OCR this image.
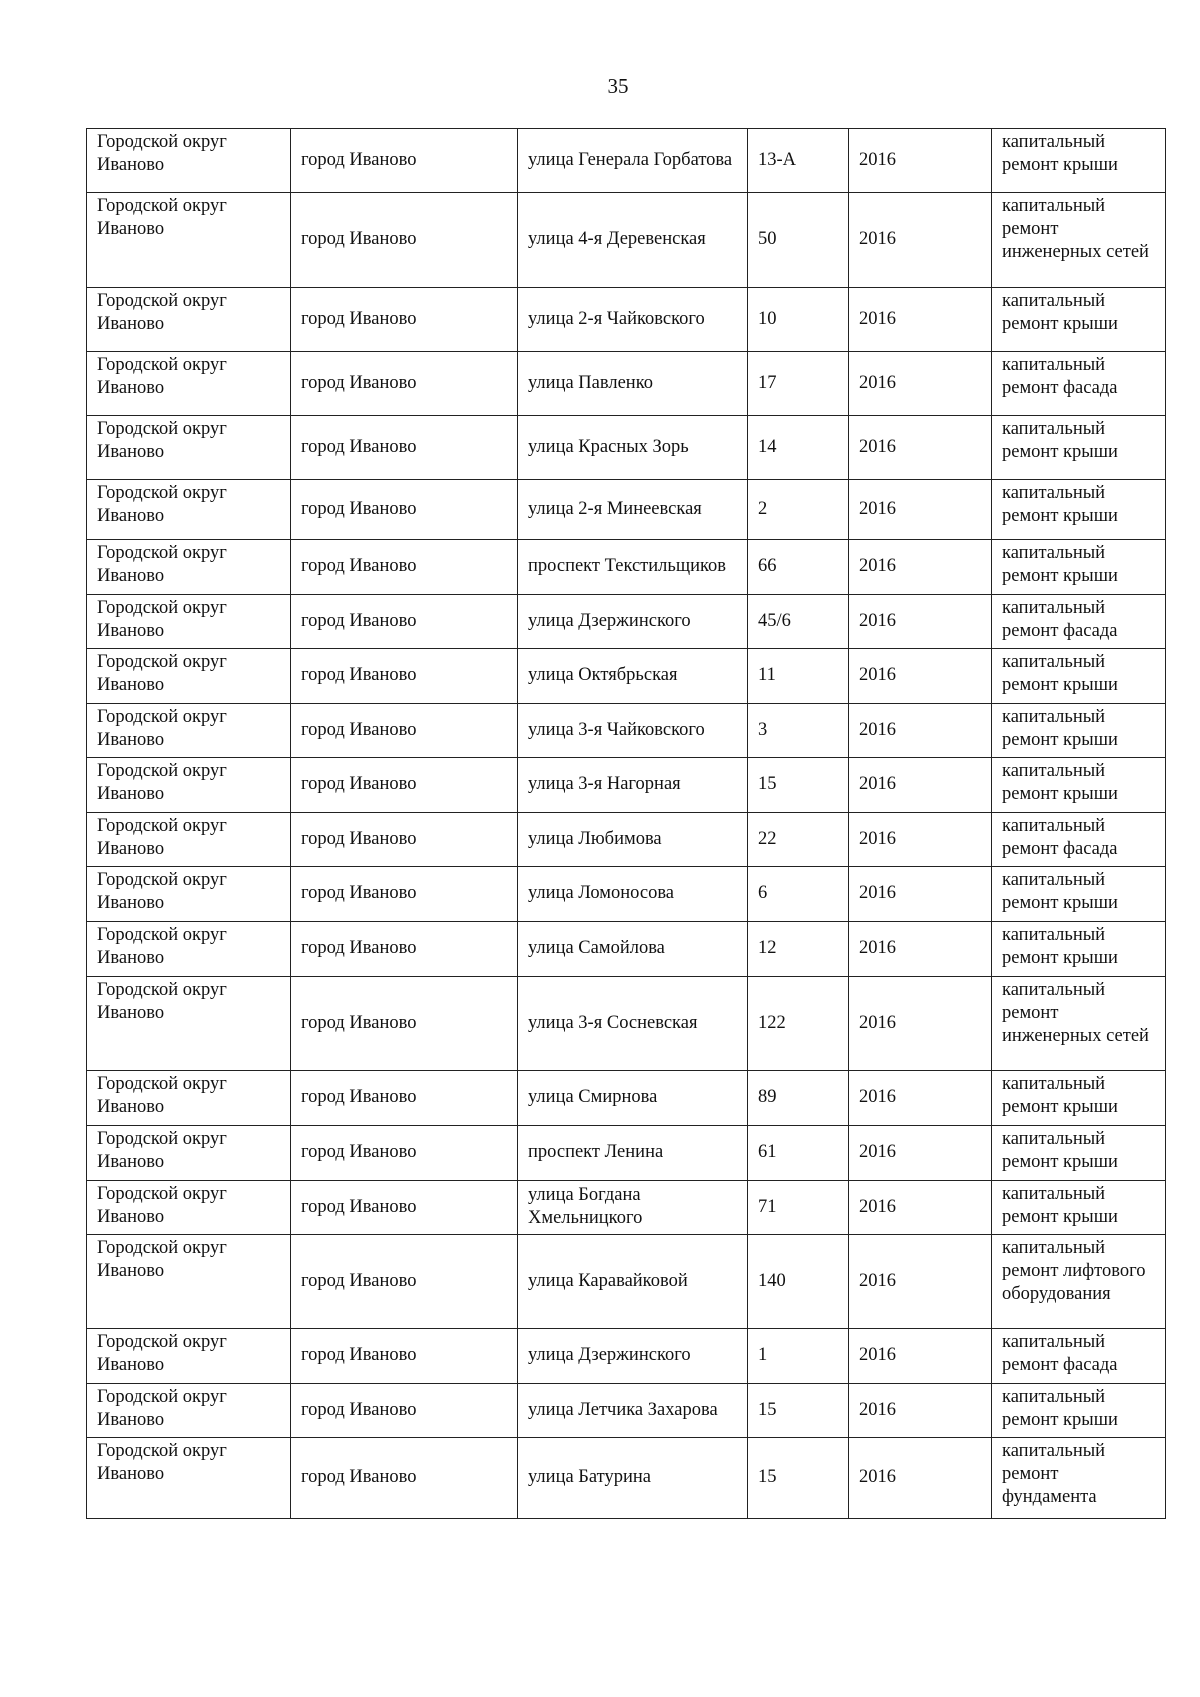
35
Городской округ Иваново	город Иваново	улица Генерала Горбатова	13-А	2016	капитальный ремонт крыши
Городской округ Иваново	город Иваново	улица 4-я Деревенская	50	2016	капитальный ремонт инженерных сетей
Городской округ Иваново	город Иваново	улица 2-я Чайковского	10	2016	капитальный ремонт крыши
Городской округ Иваново	город Иваново	улица Павленко	17	2016	капитальный ремонт фасада
Городской округ Иваново	город Иваново	улица Красных Зорь	14	2016	капитальный ремонт крыши
Городской округ Иваново	город Иваново	улица 2-я Минеевская	2	2016	капитальный ремонт крыши
Городской округ Иваново	город Иваново	проспект Текстильщиков	66	2016	капитальный ремонт крыши
Городской округ Иваново	город Иваново	улица Дзержинского	45/6	2016	капитальный ремонт фасада
Городской округ Иваново	город Иваново	улица Октябрьская	11	2016	капитальный ремонт крыши
Городской округ Иваново	город Иваново	улица 3-я Чайковского	3	2016	капитальный ремонт крыши
Городской округ Иваново	город Иваново	улица 3-я Нагорная	15	2016	капитальный ремонт крыши
Городской округ Иваново	город Иваново	улица Любимова	22	2016	капитальный ремонт фасада
Городской округ Иваново	город Иваново	улица Ломоносова	6	2016	капитальный ремонт крыши
Городской округ Иваново	город Иваново	улица Самойлова	12	2016	капитальный ремонт крыши
Городской округ Иваново	город Иваново	улица 3-я Сосневская	122	2016	капитальный ремонт инженерных сетей
Городской округ Иваново	город Иваново	улица Смирнова	89	2016	капитальный ремонт крыши
Городской округ Иваново	город Иваново	проспект Ленина	61	2016	капитальный ремонт крыши
Городской округ Иваново	город Иваново	улица Богдана Хмельницкого	71	2016	капитальный ремонт крыши
Городской округ Иваново	город Иваново	улица Каравайковой	140	2016	капитальный ремонт лифтового оборудования
Городской округ Иваново	город Иваново	улица Дзержинского	1	2016	капитальный ремонт фасада
Городской округ Иваново	город Иваново	улица Летчика Захарова	15	2016	капитальный ремонт крыши
Городской округ Иваново	город Иваново	улица Батурина	15	2016	капитальный ремонт фундамента
